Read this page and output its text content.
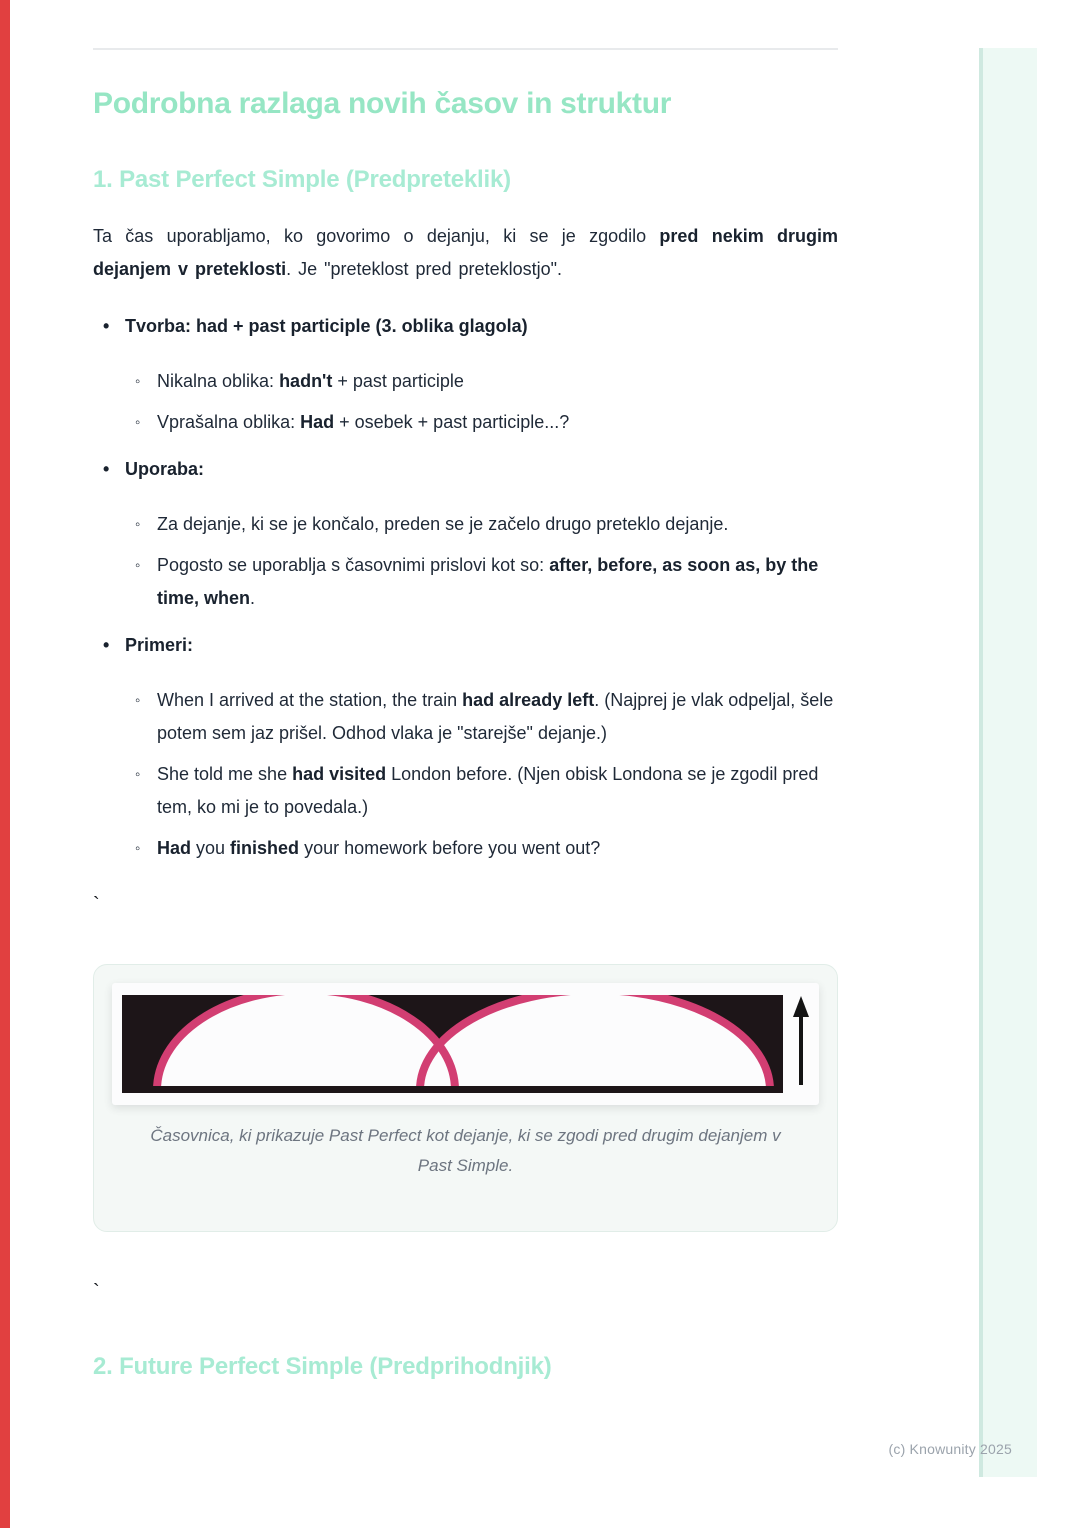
Podrobna razlaga novih časov in struktur
1. Past Perfect Simple (Predpreteklik)

Ta čas uporabljamo, ko govorimo o dejanju, ki se je zgodilo pred nekim drugim dejanjem v preteklosti. Je "preteklost pred preteklostjo".

• Tvorba: had + past participle (3. oblika glagola)
◦ Nikalna oblika: hadn't + past participle
◦ Vprašalna oblika: Had + osebek + past participle...?
• Uporaba:
◦ Za dejanje, ki se je končalo, preden se je začelo drugo preteklo dejanje.
◦ Pogosto se uporablja s časovnimi prislovi kot so: after, before, as soon as, by the time, when.
• Primeri:
◦ When I arrived at the station, the train had already left. (Najprej je vlak odpeljal, šele potem sem jaz prišel. Odhod vlaka je "starejše" dejanje.)
◦ She told me she had visited London before. (Njen obisk Londona se je zgodil pred tem, ko mi je to povedala.)
◦ Had you finished your homework before you went out?
`
Časovnica, ki prikazuje Past Perfect kot dejanje, ki se zgodi pred drugim dejanjem v Past Simple.
`
2. Future Perfect Simple (Predprihodnjik)
(c) Knowunity 2025
